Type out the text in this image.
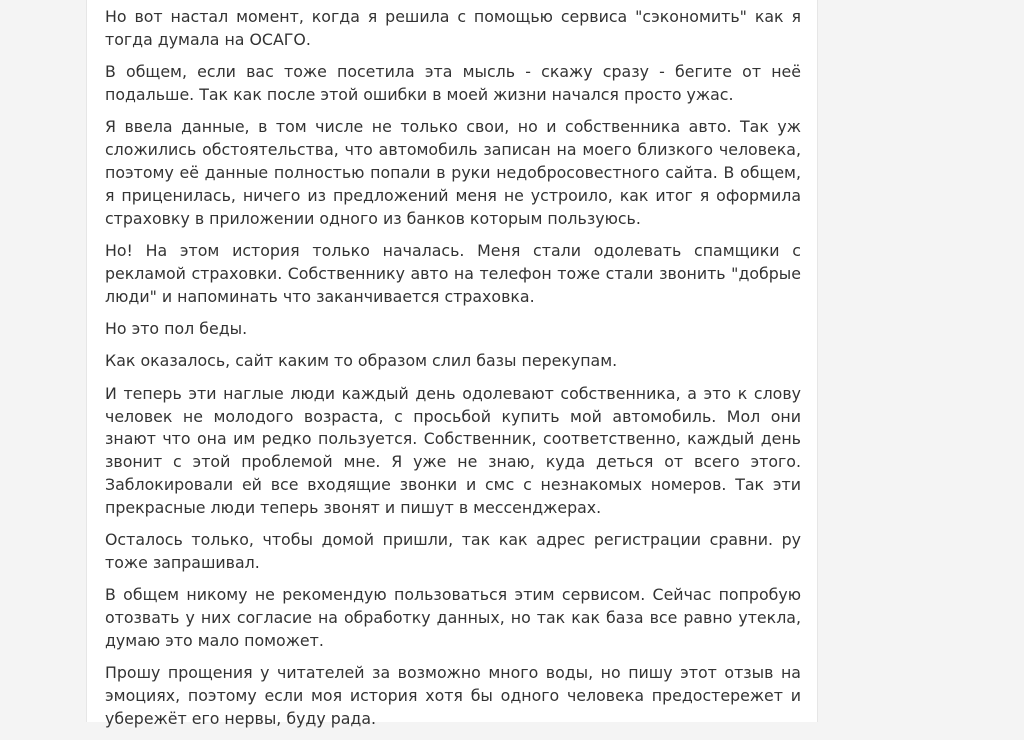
Но вот настал момент, когда я решила с помощью сервиса "сэкономить" как я тогда думала на ОСАГО.

В общем, если вас тоже посетила эта мысль - скажу сразу - бегите от неё подальше. Так как после этой ошибки в моей жизни начался просто ужас.

Я ввела данные, в том числе не только свои, но и собственника авто. Так уж сложились обстоятельства, что автомобиль записан на моего близкого человека, поэтому её данные полностью попали в руки недобросовестного сайта. В общем, я приценилась, ничего из предложений меня не устроило, как итог я оформила страховку в приложении одного из банков которым пользуюсь.

Но! На этом история только началась. Меня стали одолевать спамщики с рекламой страховки. Собственнику авто на телефон тоже стали звонить "добрые люди" и напоминать что заканчивается страховка.

Но это пол беды.

Как оказалось, сайт каким то образом слил базы перекупам.

И теперь эти наглые люди каждый день одолевают собственника, а это к слову человек не молодого возраста, с просьбой купить мой автомобиль. Мол они знают что она им редко пользуется. Собственник, соответственно, каждый день звонит с этой проблемой мне. Я уже не знаю, куда деться от всего этого. Заблокировали ей все входящие звонки и смс с незнакомых номеров. Так эти прекрасные люди теперь звонят и пишут в мессенджерах.

Осталось только, чтобы домой пришли, так как адрес регистрации сравни. ру тоже запрашивал.

В общем никому не рекомендую пользоваться этим сервисом. Сейчас попробую отозвать у них согласие на обработку данных, но так как база все равно утекла, думаю это мало поможет.

Прошу прощения у читателей за возможно много воды, но пишу этот отзыв на эмоциях, поэтому если моя история хотя бы одного человека предостережет и убережёт его нервы, буду рада.
